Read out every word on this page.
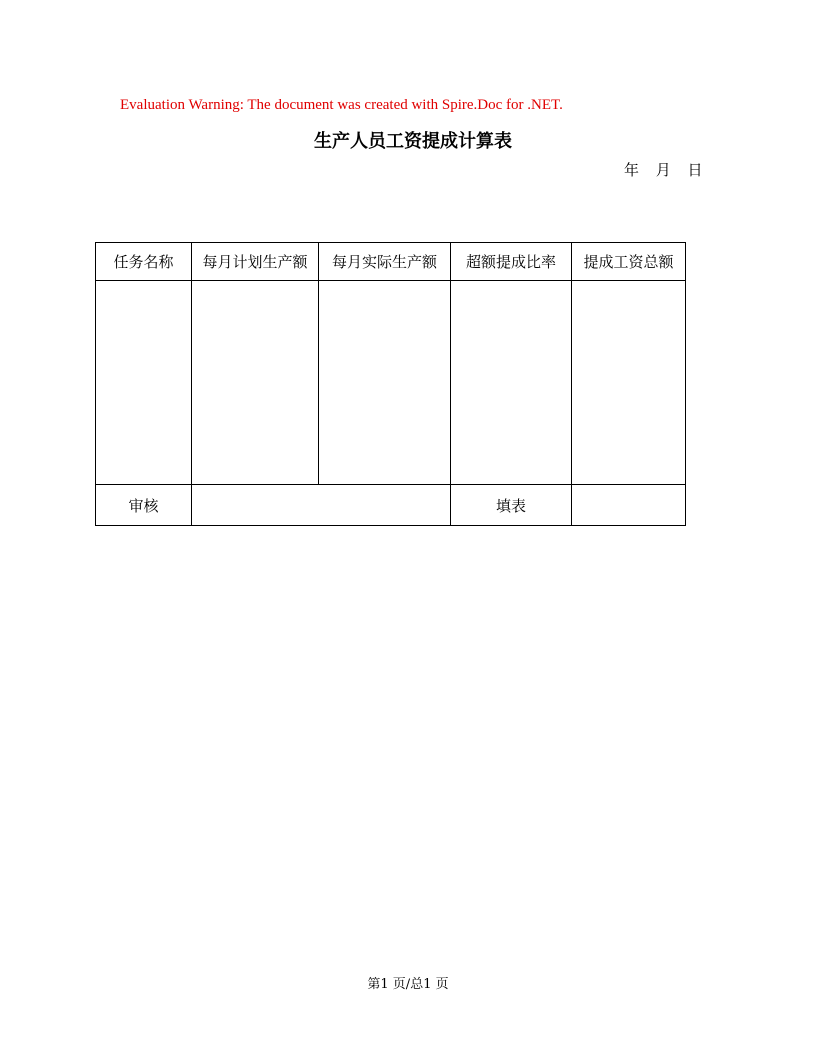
Evaluation Warning: The document was created with Spire.Doc for .NET.
生产人员工资提成计算表
年 月 日
任务名称	每月计划生产额	每月实际生产额	超额提成比率	提成工资总额

审核			填表	
第1 页/总1 页
